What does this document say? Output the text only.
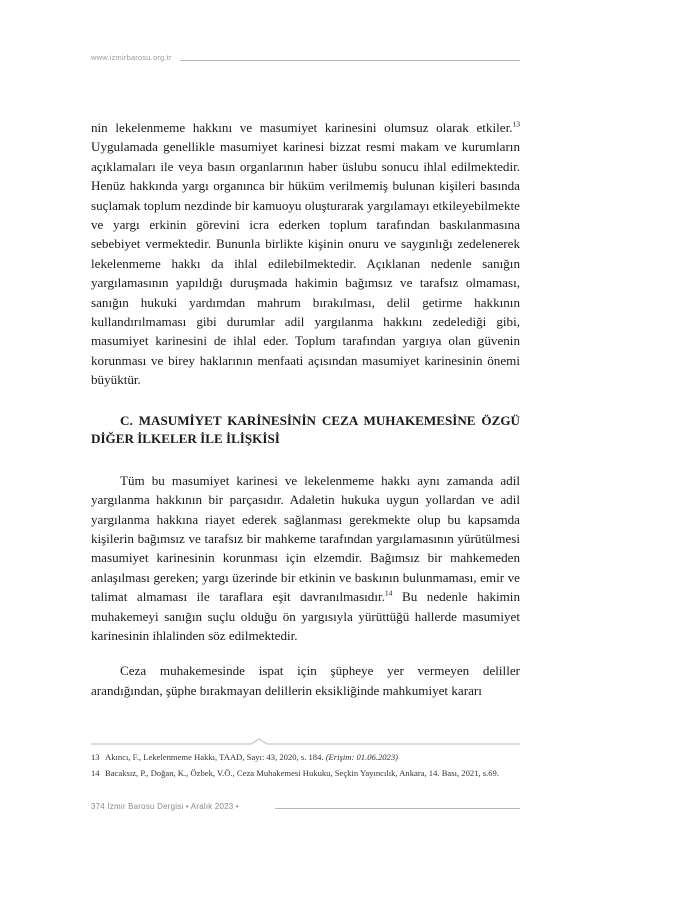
www.izmirbarosu.org.tr

nin lekelenmeme hakkını ve masumiyet karinesini olumsuz olarak etkiler.$^{13}$ Uygulamada genellikle masumiyet karinesi bizzat resmi makam ve kurumların açıklamaları ile veya basın organlarının haber üslubu sonucu ihlal edilmektedir. Henüz hakkında yargı organınca bir hüküm verilmemiş bulunan kişileri basında suçlamak toplum nezdinde bir kamuoyu oluşturarak yargılamayı etkileyebilmekte ve yargı erkinin görevini icra ederken toplum tarafından baskılanmasına sebebiyet vermektedir. Bununla birlikte kişinin onuru ve saygınlığı zedelenerek lekelenmeme hakkı da ihlal edilebilmektedir. Açıklanan nedenle sanığın yargılamasının yapıldığı duruşmada hakimin bağımsız ve tarafsız olmaması, sanığın hukuki yardımdan mahrum bırakılması, delil getirme hakkının kullandırılmaması gibi durumlar adil yargılanma hakkını zedelediği gibi, masumiyet karinesini de ihlal eder. Toplum tarafından yargıya olan güvenin korunması ve birey haklarının menfaati açısından masumiyet karinesinin önemi büyüktür.

C. MASUMİYET KARİNESİNİN CEZA MUHAKEMESİNE ÖZGÜ DİĞER İLKELER İLE İLİŞKİSİ

Tüm bu masumiyet karinesi ve lekelenmeme hakkı aynı zamanda adil yargılanma hakkının bir parçasıdır. Adaletin hukuka uygun yollardan ve adil yargılanma hakkına riayet ederek sağlanması gerekmekte olup bu kapsamda kişilerin bağımsız ve tarafsız bir mahkeme tarafından yargılamasının yürütülmesi masumiyet karinesinin korunması için elzemdir. Bağımsız bir mahkemeden anlaşılması gereken; yargı üzerinde bir etkinin ve baskının bulunmaması, emir ve talimat almaması ile taraflara eşit davranılmasıdır.$^{14}$ Bu nedenle hakimin muhakemeyi sanığın suçlu olduğu ön yargısıyla yürüttüğü hallerde masumiyet karinesinin ihlalinden söz edilmektedir.

Ceza muhakemesinde ispat için şüpheye yer vermeyen deliller arandığından, şüphe bırakmayan delillerin eksikliğinde mahkumiyet kararı

13 Akıncı, F., Lekelenmeme Hakkı, TAAD, Sayı: 43, 2020, s. 184. (Erişim: 01.06.2023)
14 Bacaksız, P., Doğan, K., Özbek, V.Ö., Ceza Muhakemesi Hukuku, Seçkin Yayıncılık, Ankara, 14. Bası, 2021, s.69.
374 İzmir Barosu Dergisi • Aralık 2023 •
